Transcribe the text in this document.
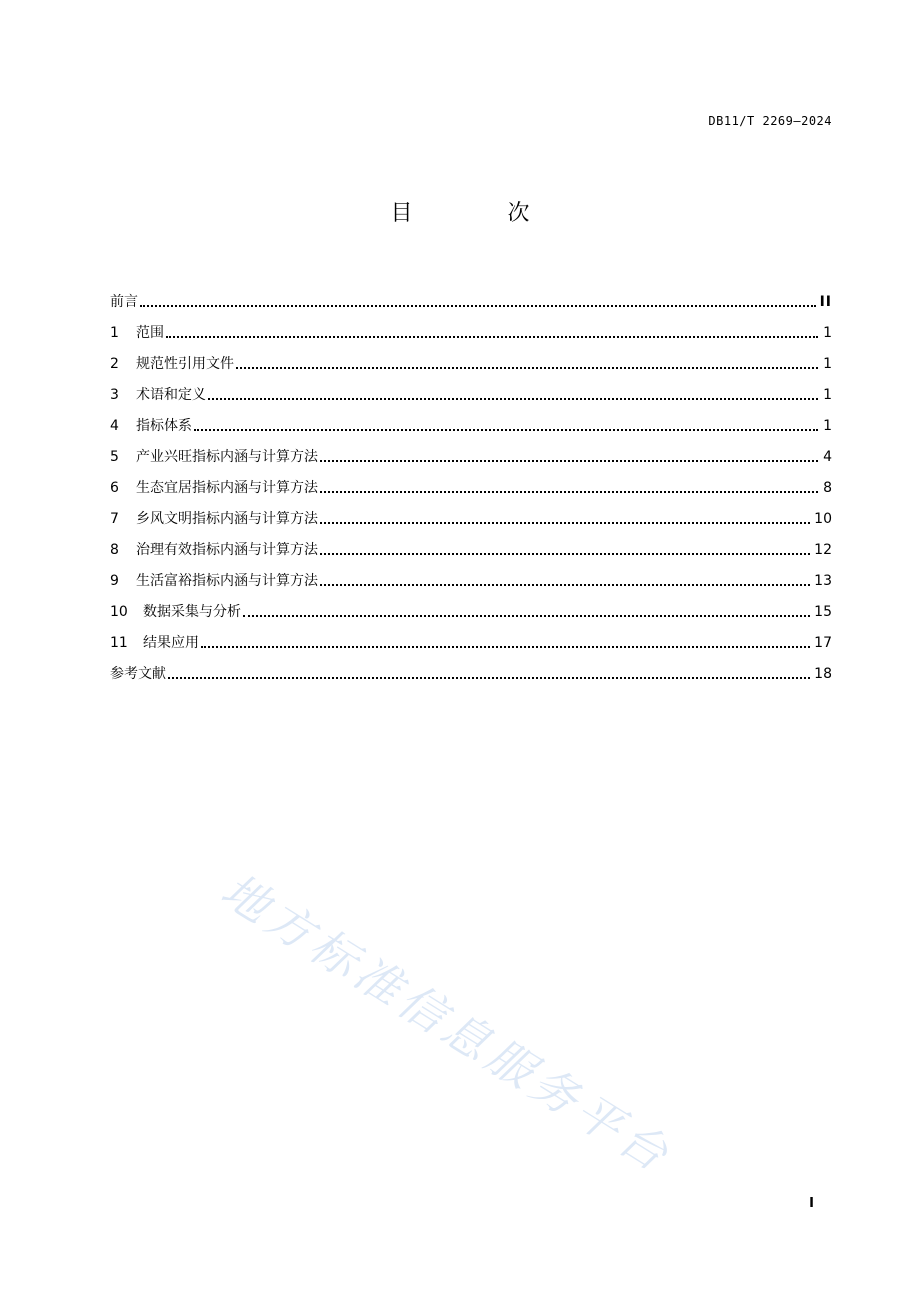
DB11/T 2269—2024
目 次
前言	II
1	范围	1
2	规范性引用文件	1
3	术语和定义	1
4	指标体系	1
5	产业兴旺指标内涵与计算方法	4
6	生态宜居指标内涵与计算方法	8
7	乡风文明指标内涵与计算方法	10
8	治理有效指标内涵与计算方法	12
9	生活富裕指标内涵与计算方法	13
10	数据采集与分析	15
11	结果应用	17
参考文献	18
地方标准信息服务平台
I
